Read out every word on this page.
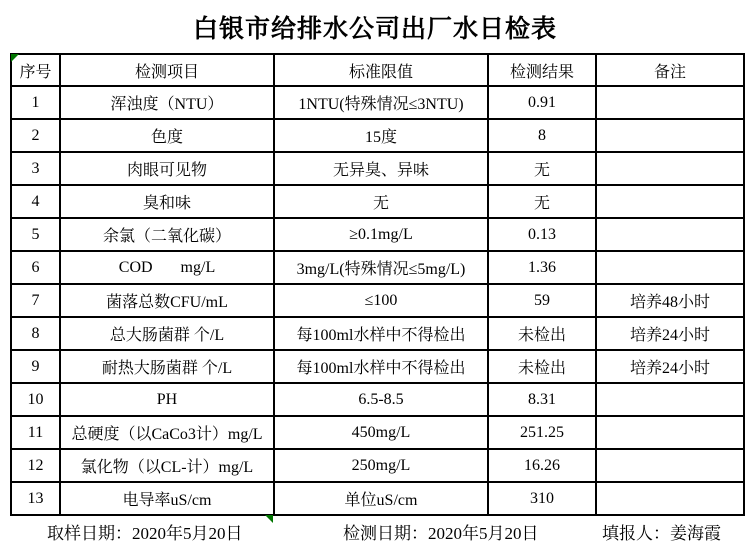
白银市给排水公司出厂水日检表
序号	检测项目	标准限值	检测结果	备注
1	浑浊度（NTU）	1NTU(特殊情况≤3NTU)	0.91	
2	色度	15度	8	
3	肉眼可见物	无异臭、异味	无	
4	臭和味	无	无	
5	余氯（二氧化碳）	≥0.1mg/L	0.13	
6	COD       mg/L	3mg/L(特殊情况≤5mg/L)	1.36	
7	菌落总数CFU/mL	≤100	59	培养48小时
8	总大肠菌群 个/L	每100ml水样中不得检出	未检出	培养24小时
9	耐热大肠菌群 个/L	每100ml水样中不得检出	未检出	培养24小时
10	PH	6.5-8.5	8.31	
11	总硬度（以CaCo3计）mg/L	450mg/L	251.25	
12	氯化物（以CL-计）mg/L	250mg/L	16.26	
13	电导率uS/cm	单位uS/cm	310	
取样日期：2020年5月20日	检测日期：2020年5月20日	填报人：姜海霞
